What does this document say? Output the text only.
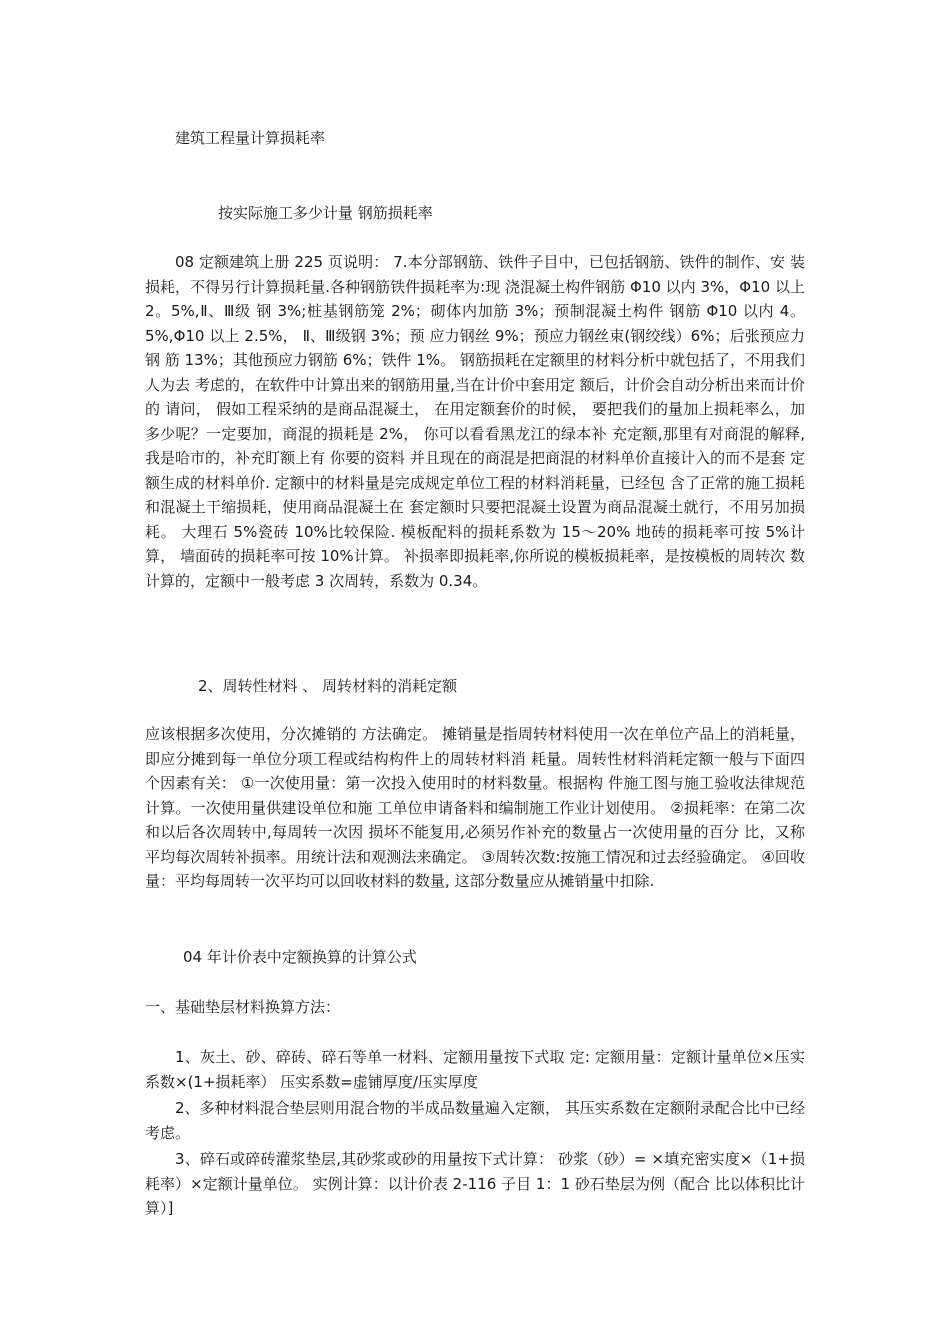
建筑工程量计算损耗率
按实际施工多少计量 钢筋损耗率
08 定额建筑上册 225 页说明： 7.本分部钢筋、铁件子目中，已包括钢筋、铁件的制作、安 装损耗，不得另行计算损耗量.各种钢筋铁件损耗率为:现 浇混凝土构件钢筋 Φ10 以内 3%，Φ10 以上 2。5%,Ⅱ、Ⅲ级 钢 3%;桩基钢筋笼 2%；砌体内加筋 3%；预制混凝土构件 钢筋 Φ10 以内 4。5%,Φ10 以上 2.5%， Ⅱ、Ⅲ级钢 3%；预 应力钢丝 9%；预应力钢丝束(钢绞线）6%；后张预应力钢 筋 13%；其他预应力钢筋 6%；铁件 1%。 钢筋损耗在定额里的材料分析中就包括了，不用我们人为去 考虑的，在软件中计算出来的钢筋用量,当在计价中套用定 额后，计价会自动分析出来而计价的 请问， 假如工程采纳的是商品混凝土， 在用定额套价的时候， 要把我们的量加上损耗率么，加多少呢？一定要加，商混的损耗是 2%， 你可以看看黑龙江的绿本补 充定额,那里有对商混的解释,我是哈市的，补充盯额上有 你要的资料 并且现在的商混是把商混的材料单价直接计入的而不是套 定额生成的材料单价. 定额中的材料量是完成规定单位工程的材料消耗量，已经包 含了正常的施工损耗和混凝土干缩损耗，使用商品混凝土在 套定额时只要把混凝土设置为商品混凝土就行，不用另加损 耗。 大理石 5%瓷砖 10%比较保险. 模板配料的损耗系数为 15～20% 地砖的损耗率可按 5%计算， 墙面砖的损耗率可按 10%计算。 补损率即损耗率,你所说的模板损耗率，是按模板的周转次 数计算的，定额中一般考虑 3 次周转，系数为 0.34。
2、周转性材料 、 周转材料的消耗定额
应该根据多次使用，分次摊销的 方法确定。 摊销量是指周转材料使用一次在单位产品上的消耗量， 即应分摊到每一单位分项工程或结构构件上的周转材料消 耗量。周转性材料消耗定额一般与下面四个因素有关： ①一次使用量：第一次投入使用时的材料数量。根据构 件施工图与施工验收法律规范计算。一次使用量供建设单位和施 工单位申请备料和编制施工作业计划使用。 ②损耗率：在第二次和以后各次周转中,每周转一次因 损坏不能复用,必须另作补充的数量占一次使用量的百分 比，又称平均每次周转补损率。用统计法和观测法来确定。 ③周转次数:按施工情况和过去经验确定。 ④回收量：平均每周转一次平均可以回收材料的数量, 这部分数量应从摊销量中扣除.
04 年计价表中定额换算的计算公式
一、基础垫层材料换算方法：
1、灰土、砂、碎砖、碎石等单一材料、定额用量按下式取 定: 定额用量：定额计量单位×压实系数×(1+损耗率） 压实系数=虚铺厚度/压实厚度
2、多种材料混合垫层则用混合物的半成品数量遍入定额， 其压实系数在定额附录配合比中已经考虑。
3、碎石或碎砖灌浆垫层,其砂浆或砂的用量按下式计算： 砂浆（砂）= ×填充密实度×（1+损耗率）×定额计量单位。 实例计算：以计价表 2-116 子目 1：1 砂石垫层为例（配合 比以体积比计算）]
